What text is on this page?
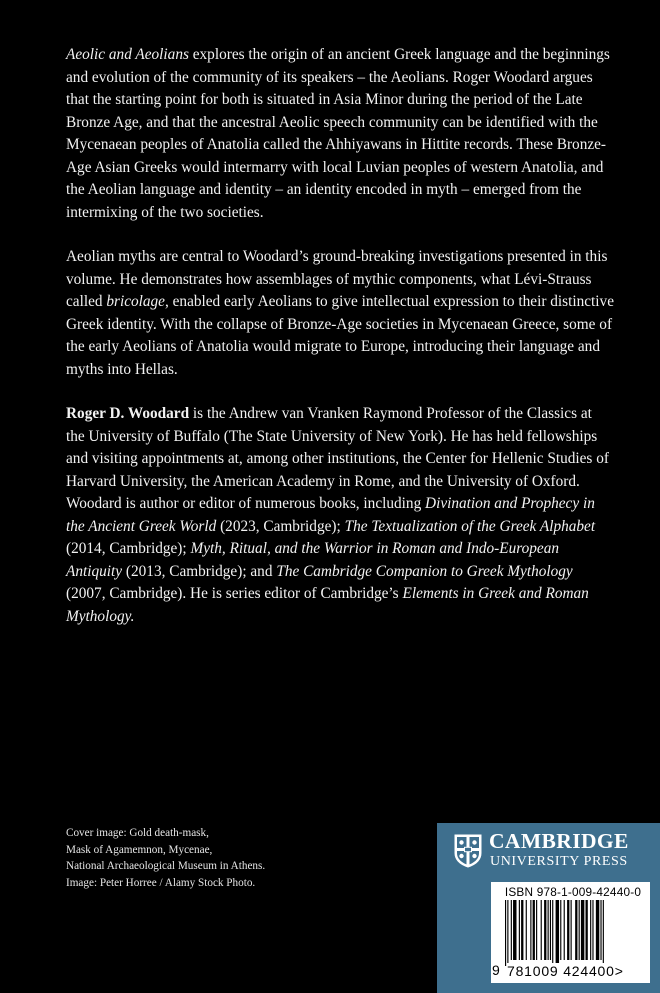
Aeolic and Aeolians explores the origin of an ancient Greek language and the beginnings and evolution of the community of its speakers – the Aeolians. Roger Woodard argues that the starting point for both is situated in Asia Minor during the period of the Late Bronze Age, and that the ancestral Aeolic speech community can be identified with the Mycenaean peoples of Anatolia called the Ahhiyawans in Hittite records. These Bronze-Age Asian Greeks would intermarry with local Luvian peoples of western Anatolia, and the Aeolian language and identity – an identity encoded in myth – emerged from the intermixing of the two societies.

Aeolian myths are central to Woodard’s ground-breaking investigations presented in this volume. He demonstrates how assemblages of mythic components, what Lévi-Strauss called bricolage, enabled early Aeolians to give intellectual expression to their distinctive Greek identity. With the collapse of Bronze-Age societies in Mycenaean Greece, some of the early Aeolians of Anatolia would migrate to Europe, introducing their language and myths into Hellas.

Roger D. Woodard is the Andrew van Vranken Raymond Professor of the Classics at the University of Buffalo (The State University of New York). He has held fellowships and visiting appointments at, among other institutions, the Center for Hellenic Studies of Harvard University, the American Academy in Rome, and the University of Oxford. Woodard is author or editor of numerous books, including Divination and Prophecy in the Ancient Greek World (2023, Cambridge); The Textualization of the Greek Alphabet (2014, Cambridge); Myth, Ritual, and the Warrior in Roman and Indo-European Antiquity (2013, Cambridge); and The Cambridge Companion to Greek Mythology (2007, Cambridge). He is series editor of Cambridge’s Elements in Greek and Roman Mythology.

Cover image: Gold death-mask,
Mask of Agamemnon, Mycenae,
National Archaeological Museum in Athens.
Image: Peter Horree / Alamy Stock Photo.
CAMBRIDGE
UNIVERSITY PRESS
ISBN 978-1-009-42440-0
9 781009 424400>
